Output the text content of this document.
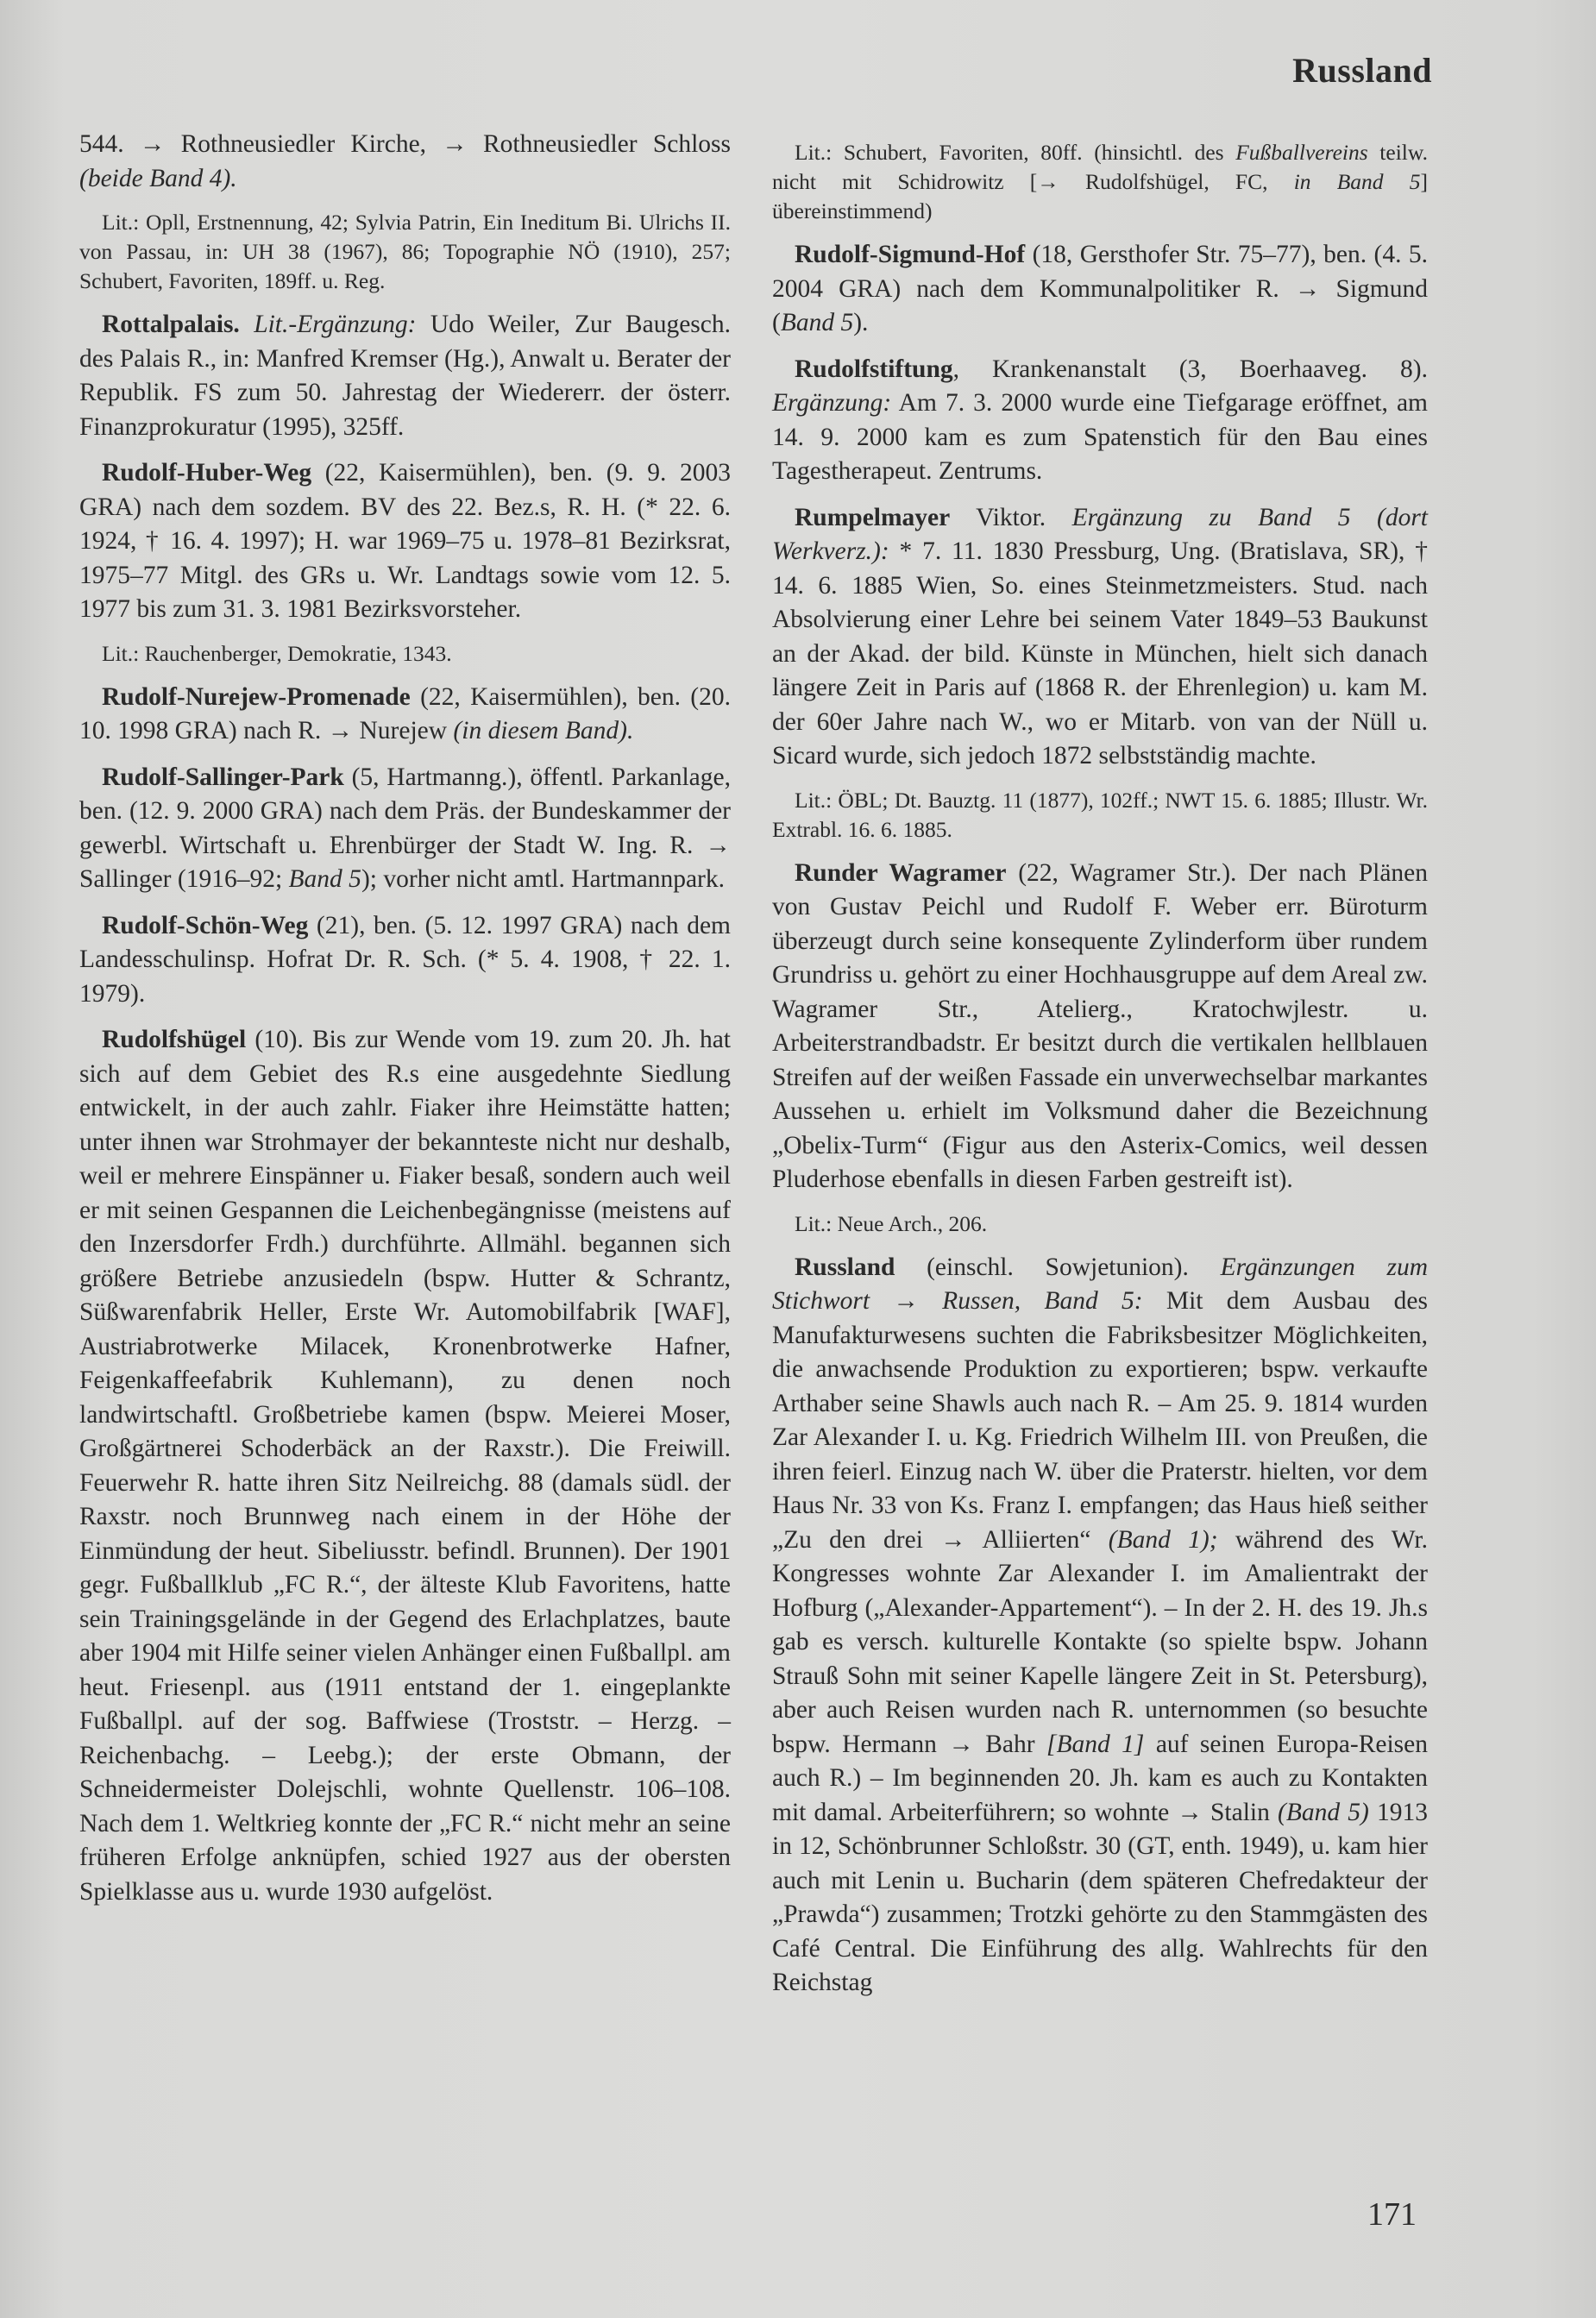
Russland

544. → Rothneusiedler Kirche, → Rothneusiedler Schloss (beide Band 4).

Lit.: Opll, Erstnennung, 42; Sylvia Patrin, Ein Ineditum Bi. Ulrichs II. von Passau, in: UH 38 (1967), 86; Topographie NÖ (1910), 257; Schubert, Favoriten, 189ff. u. Reg.

Rottalpalais. Lit.-Ergänzung: Udo Weiler, Zur Baugesch. des Palais R., in: Manfred Kremser (Hg.), Anwalt u. Berater der Republik. FS zum 50. Jahrestag der Wiedererr. der österr. Finanzprokuratur (1995), 325ff.

Rudolf-Huber-Weg (22, Kaisermühlen), ben. (9. 9. 2003 GRA) nach dem sozdem. BV des 22. Bez.s, R. H. (* 22. 6. 1924, † 16. 4. 1997); H. war 1969–75 u. 1978–81 Bezirksrat, 1975–77 Mitgl. des GRs u. Wr. Landtags sowie vom 12. 5. 1977 bis zum 31. 3. 1981 Bezirksvorsteher.

Lit.: Rauchenberger, Demokratie, 1343.

Rudolf-Nurejew-Promenade (22, Kaisermühlen), ben. (20. 10. 1998 GRA) nach R. → Nurejew (in diesem Band).

Rudolf-Sallinger-Park (5, Hartmanng.), öffentl. Parkanlage, ben. (12. 9. 2000 GRA) nach dem Präs. der Bundeskammer der gewerbl. Wirtschaft u. Ehrenbürger der Stadt W. Ing. R. → Sallinger (1916–92; Band 5); vorher nicht amtl. Hartmannpark.

Rudolf-Schön-Weg (21), ben. (5. 12. 1997 GRA) nach dem Landesschulinsp. Hofrat Dr. R. Sch. (* 5. 4. 1908, † 22. 1. 1979).

Rudolfshügel (10). Bis zur Wende vom 19. zum 20. Jh. hat sich auf dem Gebiet des R.s eine ausgedehnte Siedlung entwickelt, in der auch zahlr. Fiaker ihre Heimstätte hatten; unter ihnen war Strohmayer der bekannteste nicht nur deshalb, weil er mehrere Einspänner u. Fiaker besaß, sondern auch weil er mit seinen Gespannen die Leichenbegängnisse (meistens auf den Inzersdorfer Frdh.) durchführte. Allmähl. begannen sich größere Betriebe anzusiedeln (bspw. Hutter & Schrantz, Süßwarenfabrik Heller, Erste Wr. Automobilfabrik [WAF], Austriabrotwerke Milacek, Kronenbrotwerke Hafner, Feigenkaffeefabrik Kuhlemann), zu denen noch landwirtschaftl. Großbetriebe kamen (bspw. Meierei Moser, Großgärtnerei Schoderbäck an der Raxstr.). Die Freiwill. Feuerwehr R. hatte ihren Sitz Neilreichg. 88 (damals südl. der Raxstr. noch Brunnweg nach einem in der Höhe der Einmündung der heut. Sibeliusstr. befindl. Brunnen). Der 1901 gegr. Fußballklub „FC R.“, der älteste Klub Favoritens, hatte sein Trainingsgelände in der Gegend des Erlachplatzes, baute aber 1904 mit Hilfe seiner vielen Anhänger einen Fußballpl. am heut. Friesenpl. aus (1911 entstand der 1. eingeplankte Fußballpl. auf der sog. Baffwiese (Troststr. – Herzg. – Reichenbachg. – Leebg.); der erste Obmann, der Schneidermeister Dolejschli, wohnte Quellenstr. 106–108. Nach dem 1. Weltkrieg konnte der „FC R.“ nicht mehr an seine früheren Erfolge anknüpfen, schied 1927 aus der obersten Spielklasse aus u. wurde 1930 aufgelöst.

Lit.: Schubert, Favoriten, 80ff. (hinsichtl. des Fußballvereins teilw. nicht mit Schidrowitz [→ Rudolfshügel, FC, in Band 5] übereinstimmend)

Rudolf-Sigmund-Hof (18, Gersthofer Str. 75–77), ben. (4. 5. 2004 GRA) nach dem Kommunalpolitiker R. → Sigmund (Band 5).

Rudolfstiftung, Krankenanstalt (3, Boerhaaveg. 8). Ergänzung: Am 7. 3. 2000 wurde eine Tiefgarage eröffnet, am 14. 9. 2000 kam es zum Spatenstich für den Bau eines Tagestherapeut. Zentrums.

Rumpelmayer Viktor. Ergänzung zu Band 5 (dort Werkverz.): * 7. 11. 1830 Pressburg, Ung. (Bratislava, SR), † 14. 6. 1885 Wien, So. eines Steinmetzmeisters. Stud. nach Absolvierung einer Lehre bei seinem Vater 1849–53 Baukunst an der Akad. der bild. Künste in München, hielt sich danach längere Zeit in Paris auf (1868 R. der Ehrenlegion) u. kam M. der 60er Jahre nach W., wo er Mitarb. von van der Nüll u. Sicard wurde, sich jedoch 1872 selbstständig machte.

Lit.: ÖBL; Dt. Bauztg. 11 (1877), 102ff.; NWT 15. 6. 1885; Illustr. Wr. Extrabl. 16. 6. 1885.

Runder Wagramer (22, Wagramer Str.). Der nach Plänen von Gustav Peichl und Rudolf F. Weber err. Büroturm überzeugt durch seine konsequente Zylinderform über rundem Grundriss u. gehört zu einer Hochhausgruppe auf dem Areal zw. Wagramer Str., Atelierg., Kratochwjlestr. u. Arbeiterstrandbadstr. Er besitzt durch die vertikalen hellblauen Streifen auf der weißen Fassade ein unverwechselbar markantes Aussehen u. erhielt im Volksmund daher die Bezeichnung „Obelix-Turm“ (Figur aus den Asterix-Comics, weil dessen Pluderhose ebenfalls in diesen Farben gestreift ist).

Lit.: Neue Arch., 206.

Russland (einschl. Sowjetunion). Ergänzungen zum Stichwort → Russen, Band 5: Mit dem Ausbau des Manufakturwesens suchten die Fabriksbesitzer Möglichkeiten, die anwachsende Produktion zu exportieren; bspw. verkaufte Arthaber seine Shawls auch nach R. – Am 25. 9. 1814 wurden Zar Alexander I. u. Kg. Friedrich Wilhelm III. von Preußen, die ihren feierl. Einzug nach W. über die Praterstr. hielten, vor dem Haus Nr. 33 von Ks. Franz I. empfangen; das Haus hieß seither „Zu den drei → Alliierten“ (Band 1); während des Wr. Kongresses wohnte Zar Alexander I. im Amalientrakt der Hofburg („Alexander-Appartement“). – In der 2. H. des 19. Jh.s gab es versch. kulturelle Kontakte (so spielte bspw. Johann Strauß Sohn mit seiner Kapelle längere Zeit in St. Petersburg), aber auch Reisen wurden nach R. unternommen (so besuchte bspw. Hermann → Bahr [Band 1] auf seinen Europa-Reisen auch R.) – Im beginnenden 20. Jh. kam es auch zu Kontakten mit damal. Arbeiterführern; so wohnte → Stalin (Band 5) 1913 in 12, Schönbrunner Schloßstr. 30 (GT, enth. 1949), u. kam hier auch mit Lenin u. Bucharin (dem späteren Chefredakteur der „Prawda“) zusammen; Trotzki gehörte zu den Stammgästen des Café Central. Die Einführung des allg. Wahlrechts für den Reichstag

171
